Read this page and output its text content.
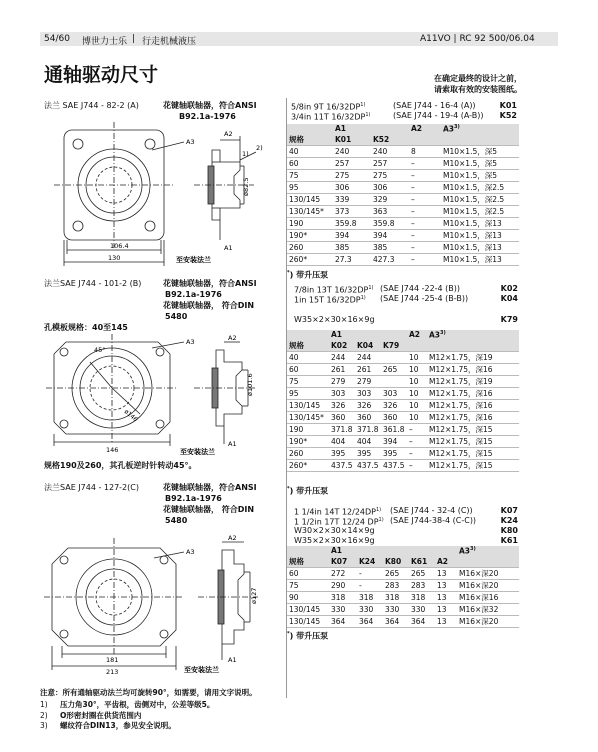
54/60 博世力士乐 | 行走机械液压	A11VO | RC 92 500/06.04
通轴驱动尺寸	在确定最终的设计之前，
请索取有效的安装图纸。
法兰 SAE J744 - 82-2 (A)	花键轴联轴器，符合ANSI
B92.1a-1976
106.4
130
ø82.5
A3
A2
2)
1)
A1
至安装法兰
法兰SAE J744 - 101-2 (B)	花键轴联轴器，符合ANSI
B92.1a-1976
花键轴联轴器， 符合DIN
5480
孔模板规格：40至145
45°
ø146
146
ø101.6
A3	A2
A1
至安装法兰
规格190及260，其孔板逆时针转动45°。
法兰SAE J744 - 127-2(C)	花键轴联轴器，符合ANSI
B92.1a-1976
花键轴联轴器， 符合DIN
5480
181
213
ø127
A3
A2
A1
至安装法兰
5/8in 9T 16/32DP$^{1)}$	(SAE J744 - 16-4 (A))	K01
3/4in 11T 16/32DP$^{1)}$	(SAE J744 - 19-4 (A-B)) K52
	A1		A2	A3$^{3)}$
规格	K01	K52		
40	240	240	8	M10×1.5，深5
60	257	257	–	M10×1.5，深5
75	275	275	–	M10×1.5，深5
95	306	306	–	M10×1.5，深2.5
130/145	339	329	–	M10×1.5，深2.5
130/145*	373	363	–	M10×1.5，深2.5
190	359.8	359.8	–	M10×1.5，深13
190*	394	394	–	M10×1.5，深13
260	385	385	–	M10×1.5，深13
260*	27.3	427.3	–	M10×1.5，深13
*) 带升压泵
7/8in 13T 16/32DP$^{1)}$ (SAE J744 -22-4 (B))	K02
1in 15T 16/32DP$^{1)}$ (SAE J744 -25-4 (B-B))	K04
W35×2×30×16×9g	K79
	A1			A2	A3$^{3)}$
规格	K02	K04	K79		
40	244	244		10	M12×1.75，深19
60	261	261	265	10	M12×1.75，深16
75	279	279		10	M12×1.75，深19
95	303	303	303	10	M12×1.75，深16
130/145	326	326	326	10	M12×1.75，深16
130/145*	360	360	360	10	M12×1.75，深16
190	371.8	371.8	361.8	–	M12×1.75，深15
190*	404	404	394	–	M12×1.75，深15
260	395	395	395	–	M12×1.75，深15
260*	437.5	437.5	437.5	–	M12×1.75，深15
*) 带升压泵
1 1/4in 14T 12/24DP$^{1)}$ (SAE J744 - 32-4 (C))	K07
1 1/2in 17T 12/24 DP$^{1)}$ (SAE J744-38-4 (C-C))	K24
W30×2×30×14×9g	K80
W35×2×30×16×9g	K61
	A1					A3$^{3)}$
规格	K07	K24	K80	K61	A2	
60	272	-	265	265	13	M16×深20
75	290	-	283	283	13	M16×深20
90	318	318	318	318	13	M16×深16
130/145	330	330	330	330	13	M16×深32
130/145	364	364	364	364	13	M16×深20
*) 带升压泵
注意：所有通轴驱动法兰均可旋转90°，如需要，请用文字说明。
1) 压力角30°，平齿根，齿侧对中，公差等级5。
2) O形密封圈在供货范围内
3) 螺纹符合DIN13，参见安全说明。
